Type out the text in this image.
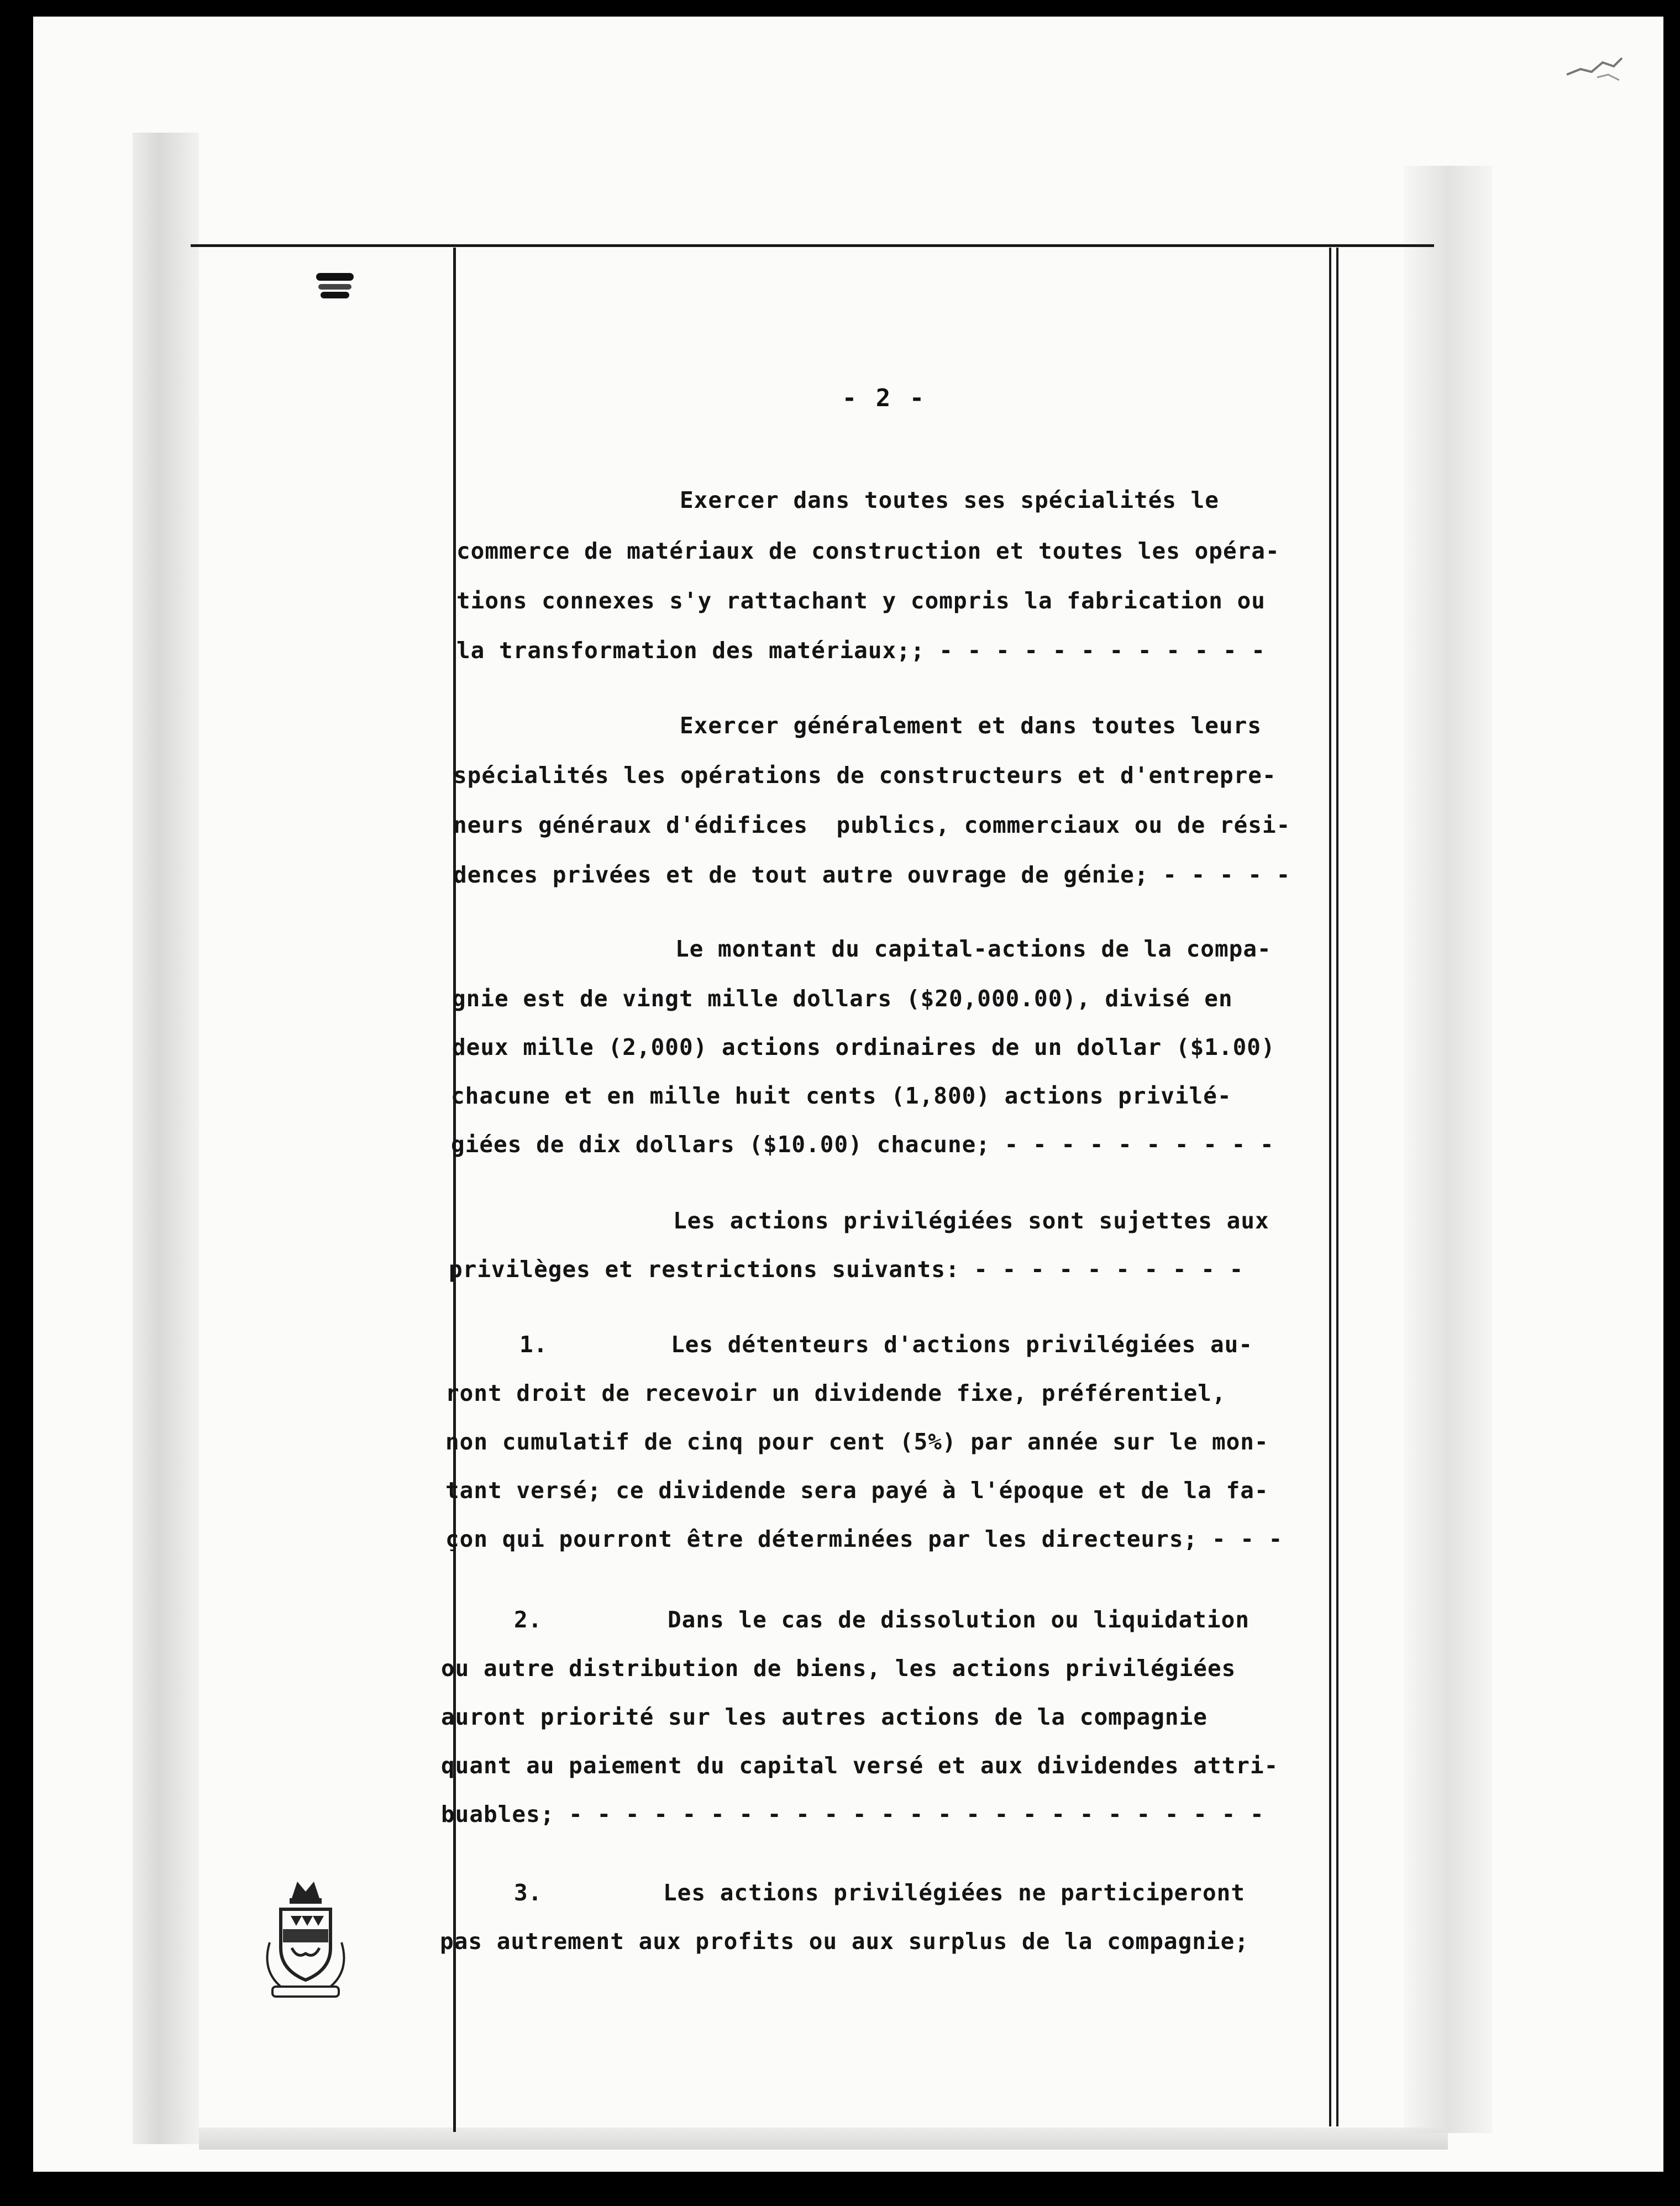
- 2 -

Exercer dans toutes ses spécialités le

commerce de matériaux de construction et toutes les opéra-

tions connexes s'y rattachant y compris la fabrication ou

la transformation des matériaux;; - - - - - - - - - - - -

Exercer généralement et dans toutes leurs

spécialités les opérations de constructeurs et d'entrepre-

neurs généraux d'édifices  publics, commerciaux ou de rési-

dences privées et de tout autre ouvrage de génie; - - - - -

Le montant du capital-actions de la compa-

gnie est de vingt mille dollars ($20,000.00), divisé en

deux mille (2,000) actions ordinaires de un dollar ($1.00)

chacune et en mille huit cents (1,800) actions privilé-

giées de dix dollars ($10.00) chacune; - - - - - - - - - -

Les actions privilégiées sont sujettes aux

privilèges et restrictions suivants: - - - - - - - - - -

1.	Les détenteurs d'actions privilégiées au-

ront droit de recevoir un dividende fixe, préférentiel,

non cumulatif de cinq pour cent (5%) par année sur le mon-

tant versé; ce dividende sera payé à l'époque et de la fa-

çon qui pourront être déterminées par les directeurs; - - -

2.	Dans le cas de dissolution ou liquidation

ou autre distribution de biens, les actions privilégiées

auront priorité sur les autres actions de la compagnie

quant au paiement du capital versé et aux dividendes attri-

buables; - - - - - - - - - - - - - - - - - - - - - - - - -

3.	Les actions privilégiées ne participeront

pas autrement aux profits ou aux surplus de la compagnie;
